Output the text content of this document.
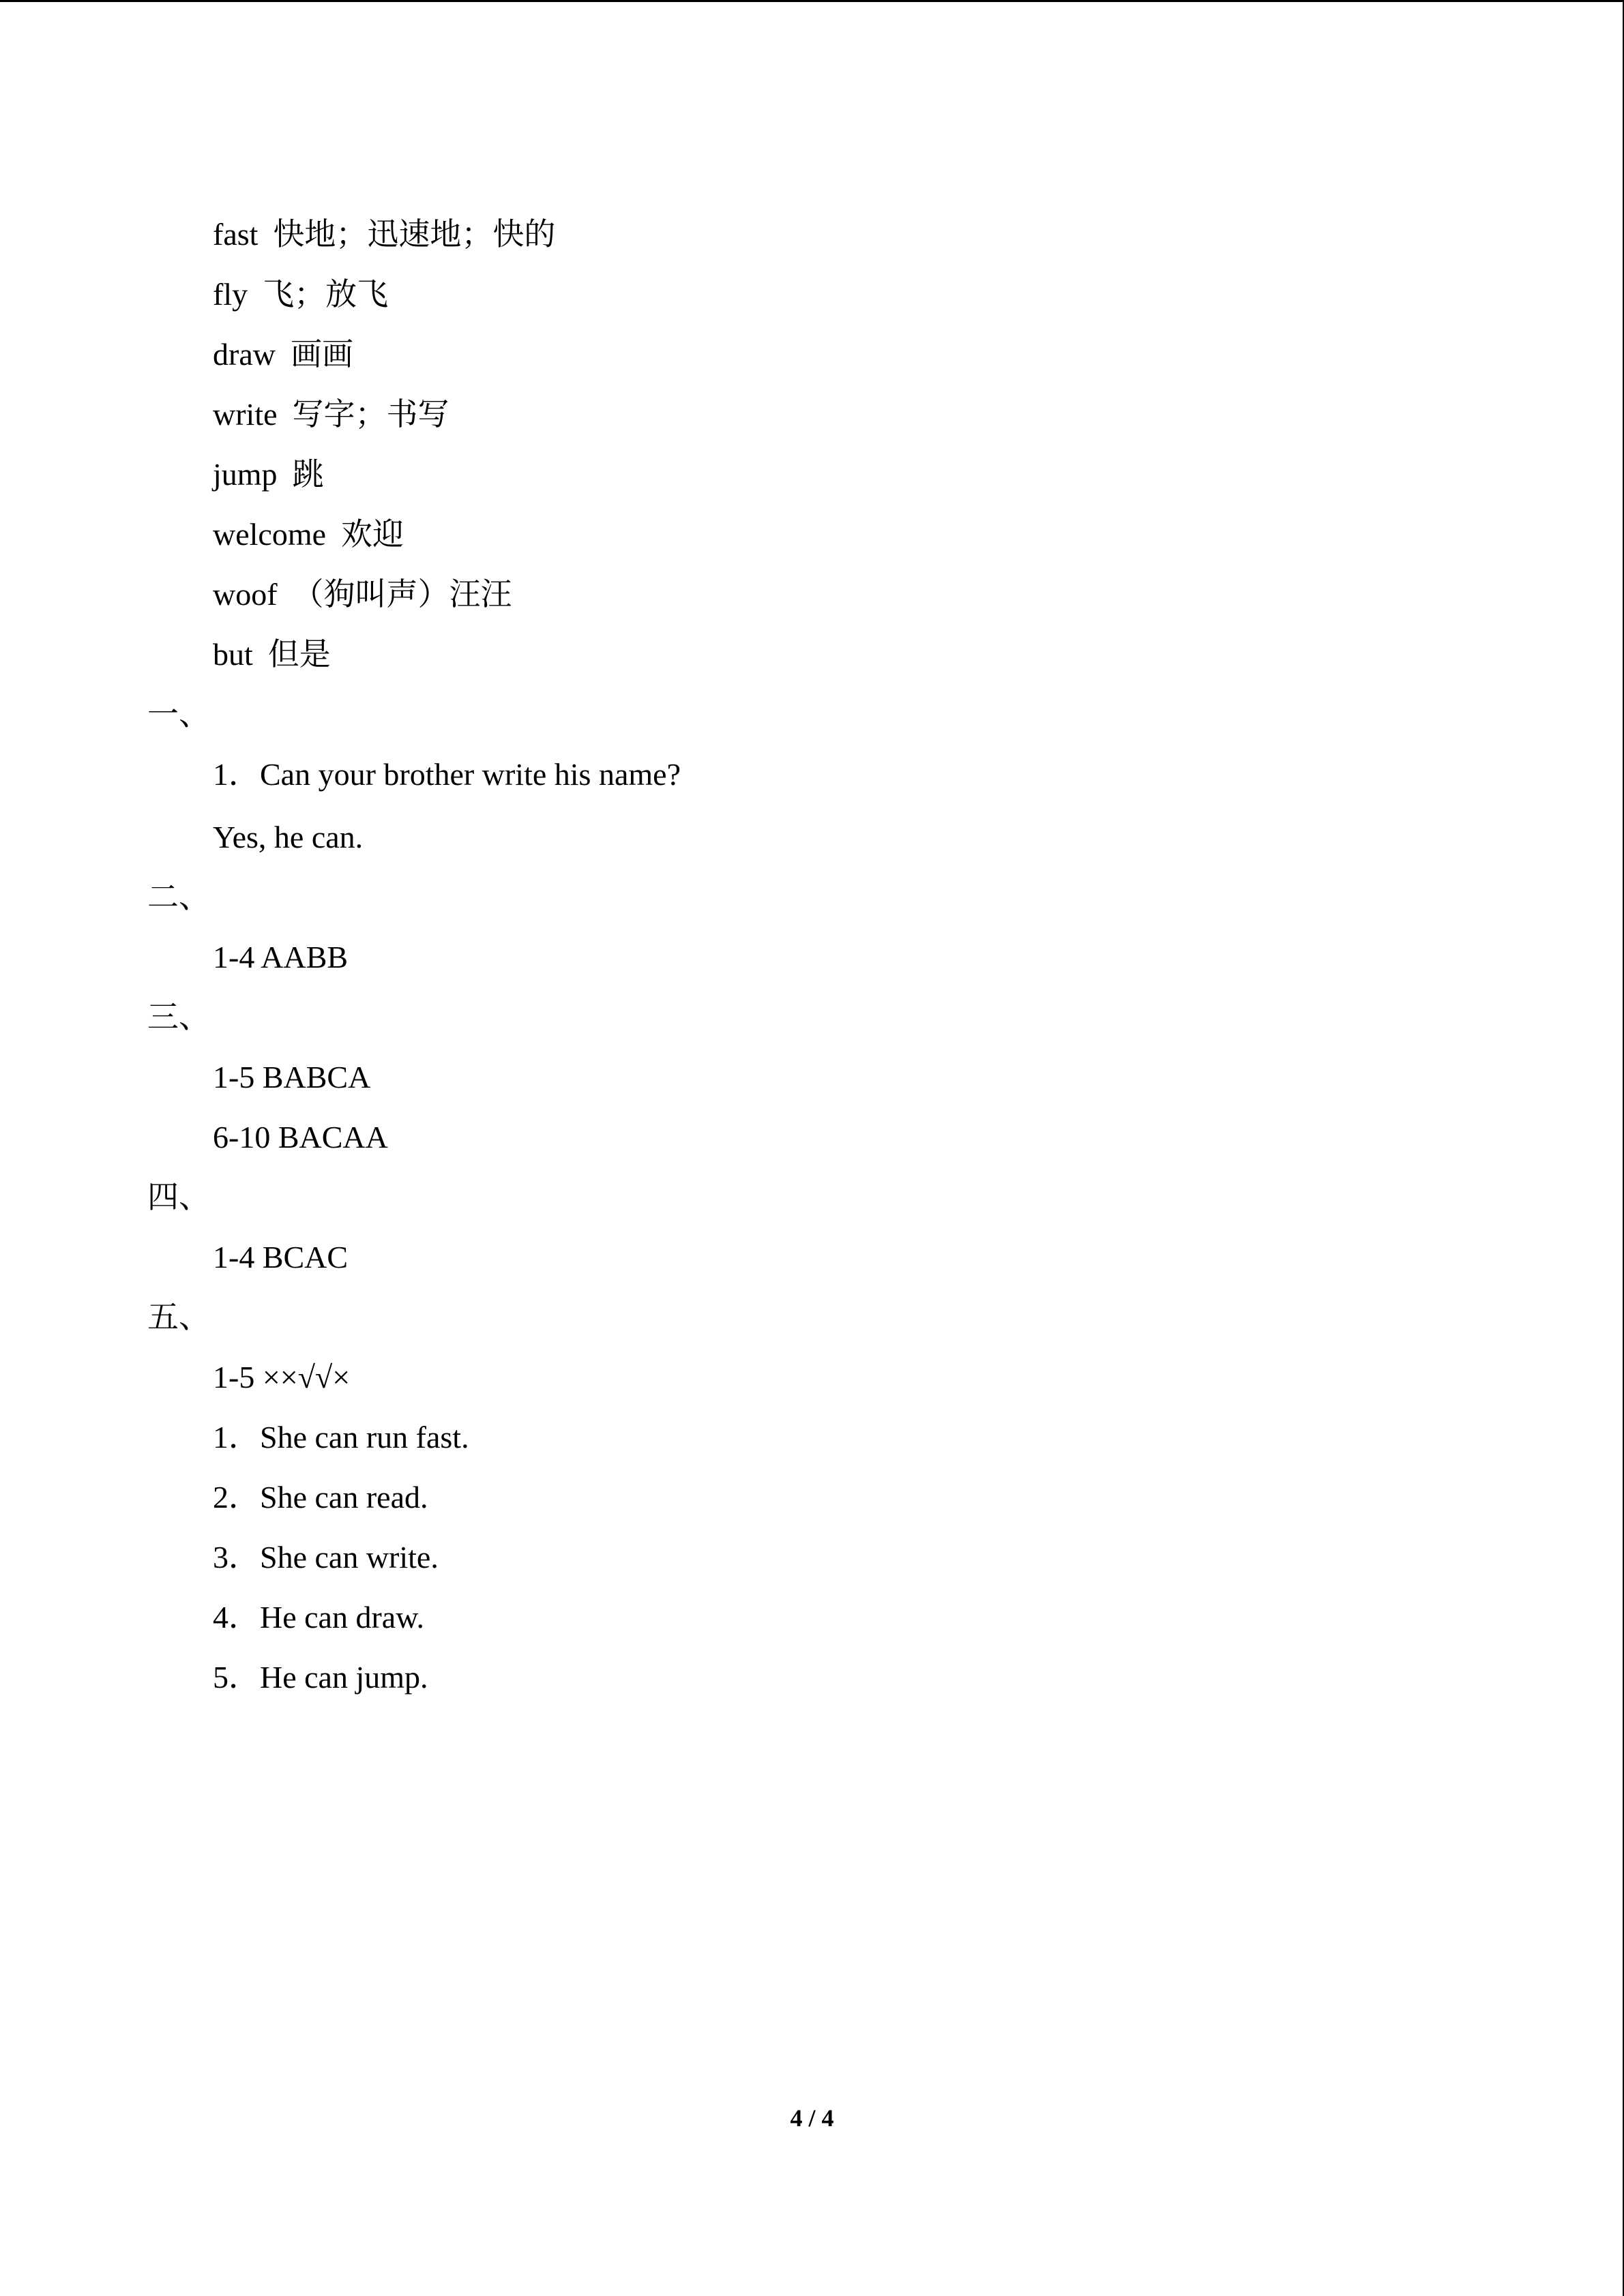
fast 快地；迅速地；快的
fly 飞；放飞
draw 画画
write 写字；书写
jump 跳
welcome 欢迎
woof （狗叫声）汪汪
but 但是
一、
1．Can your brother write his name?
Yes, he can.
二、
1-4 AABB
三、
1-5 BABCA
6-10 BACAA
四、
1-4 BCAC
五、
1-5 ××√√×
1．She can run fast.
2．She can read.
3．She can write.
4．He can draw.
5．He can jump.
4 / 4
